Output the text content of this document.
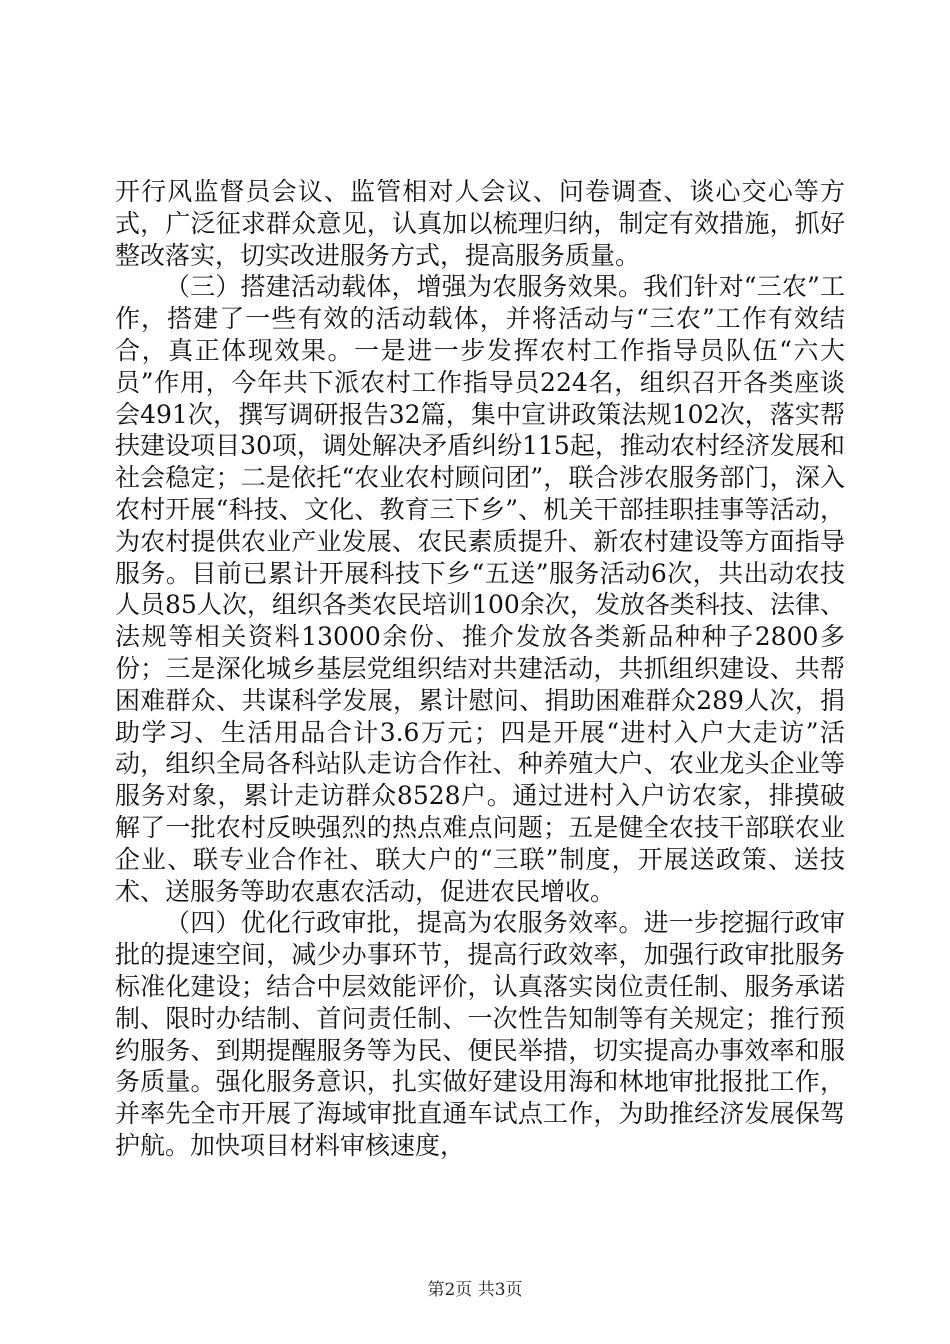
开行风监督员会议、监管相对人会议、问卷调查、谈心交心等方式，广泛征求群众意见，认真加以梳理归纳，制定有效措施，抓好整改落实，切实改进服务方式，提高服务质量。

（三）搭建活动载体，增强为农服务效果。我们针对“三农”工作，搭建了一些有效的活动载体，并将活动与“三农”工作有效结合，真正体现效果。一是进一步发挥农村工作指导员队伍“六大员”作用，今年共下派农村工作指导员224名，组织召开各类座谈会491次，撰写调研报告32篇，集中宣讲政策法规102次，落实帮扶建设项目30项，调处解决矛盾纠纷115起，推动农村经济发展和社会稳定；二是依托“农业农村顾问团”，联合涉农服务部门，深入农村开展“科技、文化、教育三下乡”、机关干部挂职挂事等活动，为农村提供农业产业发展、农民素质提升、新农村建设等方面指导服务。目前已累计开展科技下乡“五送”服务活动6次，共出动农技人员85人次，组织各类农民培训100余次，发放各类科技、法律、法规等相关资料13000余份、推介发放各类新品种种子2800多份；三是深化城乡基层党组织结对共建活动，共抓组织建设、共帮困难群众、共谋科学发展，累计慰问、捐助困难群众289人次，捐助学习、生活用品合计3.6万元；四是开展“进村入户大走访”活动，组织全局各科站队走访合作社、种养殖大户、农业龙头企业等服务对象，累计走访群众8528户。通过进村入户访农家，排摸破解了一批农村反映强烈的热点难点问题；五是健全农技干部联农业企业、联专业合作社、联大户的“三联”制度，开展送政策、送技术、送服务等助农惠农活动，促进农民增收。

（四）优化行政审批，提高为农服务效率。进一步挖掘行政审批的提速空间，减少办事环节，提高行政效率，加强行政审批服务标准化建设；结合中层效能评价，认真落实岗位责任制、服务承诺制、限时办结制、首问责任制、一次性告知制等有关规定；推行预约服务、到期提醒服务等为民、便民举措，切实提高办事效率和服务质量。强化服务意识，扎实做好建设用海和林地审批报批工作，并率先全市开展了海域审批直通车试点工作，为助推经济发展保驾护航。加快项目材料审核速度，

第2页 共3页
